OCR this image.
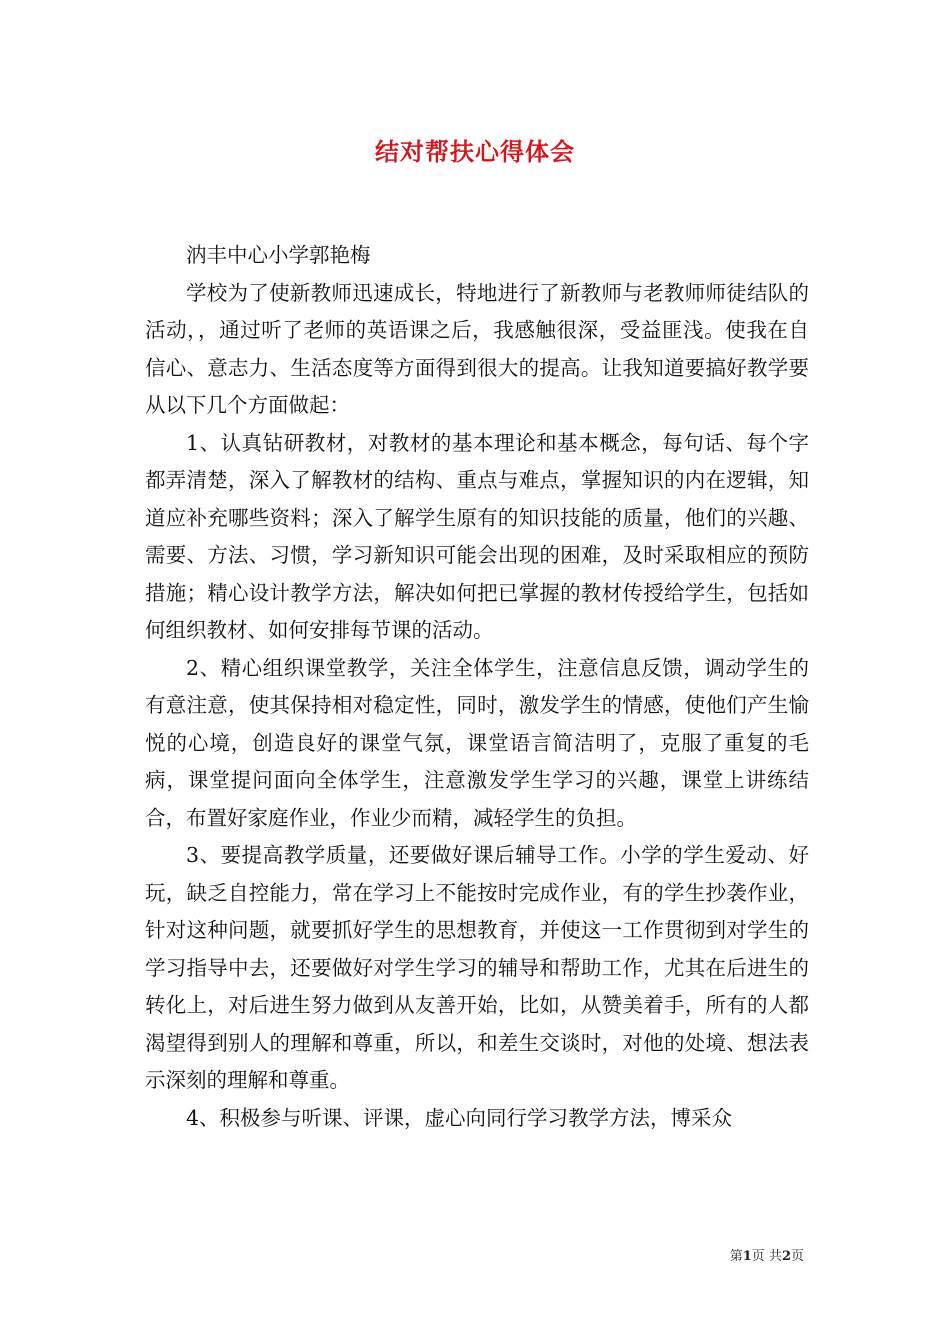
结对帮扶心得体会

汭丰中心小学郭艳梅

学校为了使新教师迅速成长，特地进行了新教师与老教师师徒结队的活动，，通过听了老师的英语课之后，我感触很深，受益匪浅。使我在自信心、意志力、生活态度等方面得到很大的提高。让我知道要搞好教学要从以下几个方面做起：

1、认真钻研教材，对教材的基本理论和基本概念，每句话、每个字都弄清楚，深入了解教材的结构、重点与难点，掌握知识的内在逻辑，知道应补充哪些资料；深入了解学生原有的知识技能的质量，他们的兴趣、需要、方法、习惯，学习新知识可能会出现的困难，及时采取相应的预防措施；精心设计教学方法，解决如何把已掌握的教材传授给学生，包括如何组织教材、如何安排每节课的活动。

2、精心组织课堂教学，关注全体学生，注意信息反馈，调动学生的有意注意，使其保持相对稳定性，同时，激发学生的情感，使他们产生愉悦的心境，创造良好的课堂气氛，课堂语言简洁明了，克服了重复的毛病，课堂提问面向全体学生，注意激发学生学习的兴趣，课堂上讲练结合，布置好家庭作业，作业少而精，减轻学生的负担。

3、要提高教学质量，还要做好课后辅导工作。小学的学生爱动、好玩，缺乏自控能力，常在学习上不能按时完成作业，有的学生抄袭作业，针对这种问题，就要抓好学生的思想教育，并使这一工作贯彻到对学生的学习指导中去，还要做好对学生学习的辅导和帮助工作，尤其在后进生的转化上，对后进生努力做到从友善开始，比如，从赞美着手，所有的人都渴望得到别人的理解和尊重，所以，和差生交谈时，对他的处境、想法表示深刻的理解和尊重。

4、积极参与听课、评课，虚心向同行学习教学方法，博采众

第1页 共2页
